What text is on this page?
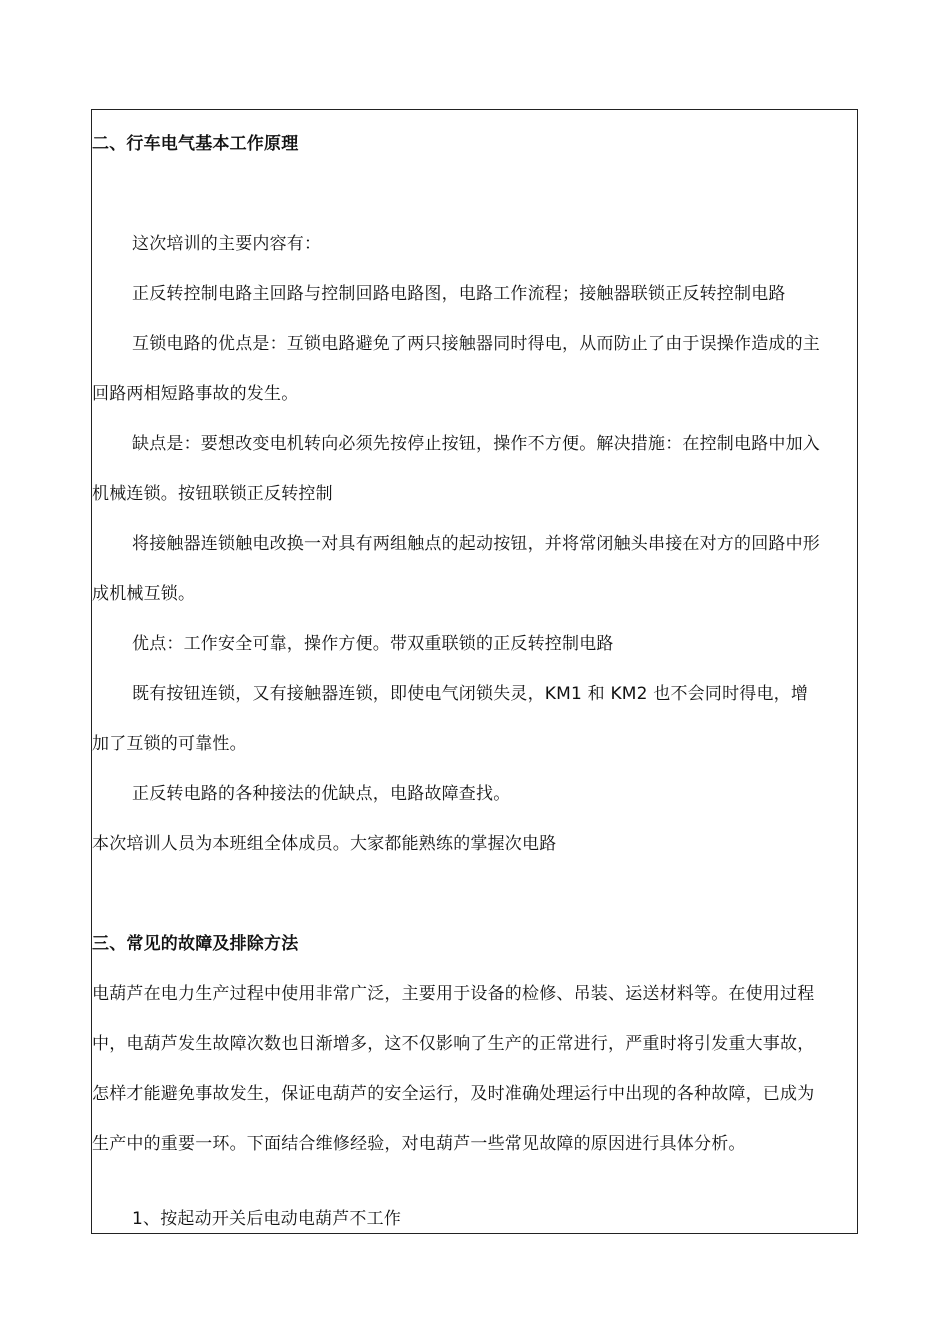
二、行车电气基本工作原理
这次培训的主要内容有：
正反转控制电路主回路与控制回路电路图，电路工作流程；接触器联锁正反转控制电路
互锁电路的优点是：互锁电路避免了两只接触器同时得电，从而防止了由于误操作造成的主
回路两相短路事故的发生。
缺点是：要想改变电机转向必须先按停止按钮，操作不方便。解决措施：在控制电路中加入
机械连锁。按钮联锁正反转控制
将接触器连锁触电改换一对具有两组触点的起动按钮，并将常闭触头串接在对方的回路中形
成机械互锁。
优点：工作安全可靠，操作方便。带双重联锁的正反转控制电路
既有按钮连锁，又有接触器连锁，即使电气闭锁失灵，KM1 和 KM2 也不会同时得电，增
加了互锁的可靠性。
正反转电路的各种接法的优缺点，电路故障查找。
本次培训人员为本班组全体成员。大家都能熟练的掌握次电路
三、常见的故障及排除方法
电葫芦在电力生产过程中使用非常广泛，主要用于设备的检修、吊装、运送材料等。在使用过程
中，电葫芦发生故障次数也日渐增多，这不仅影响了生产的正常进行，严重时将引发重大事故，
怎样才能避免事故发生，保证电葫芦的安全运行，及时准确处理运行中出现的各种故障，已成为
生产中的重要一环。下面结合维修经验，对电葫芦一些常见故障的原因进行具体分析。
1、按起动开关后电动电葫芦不工作
